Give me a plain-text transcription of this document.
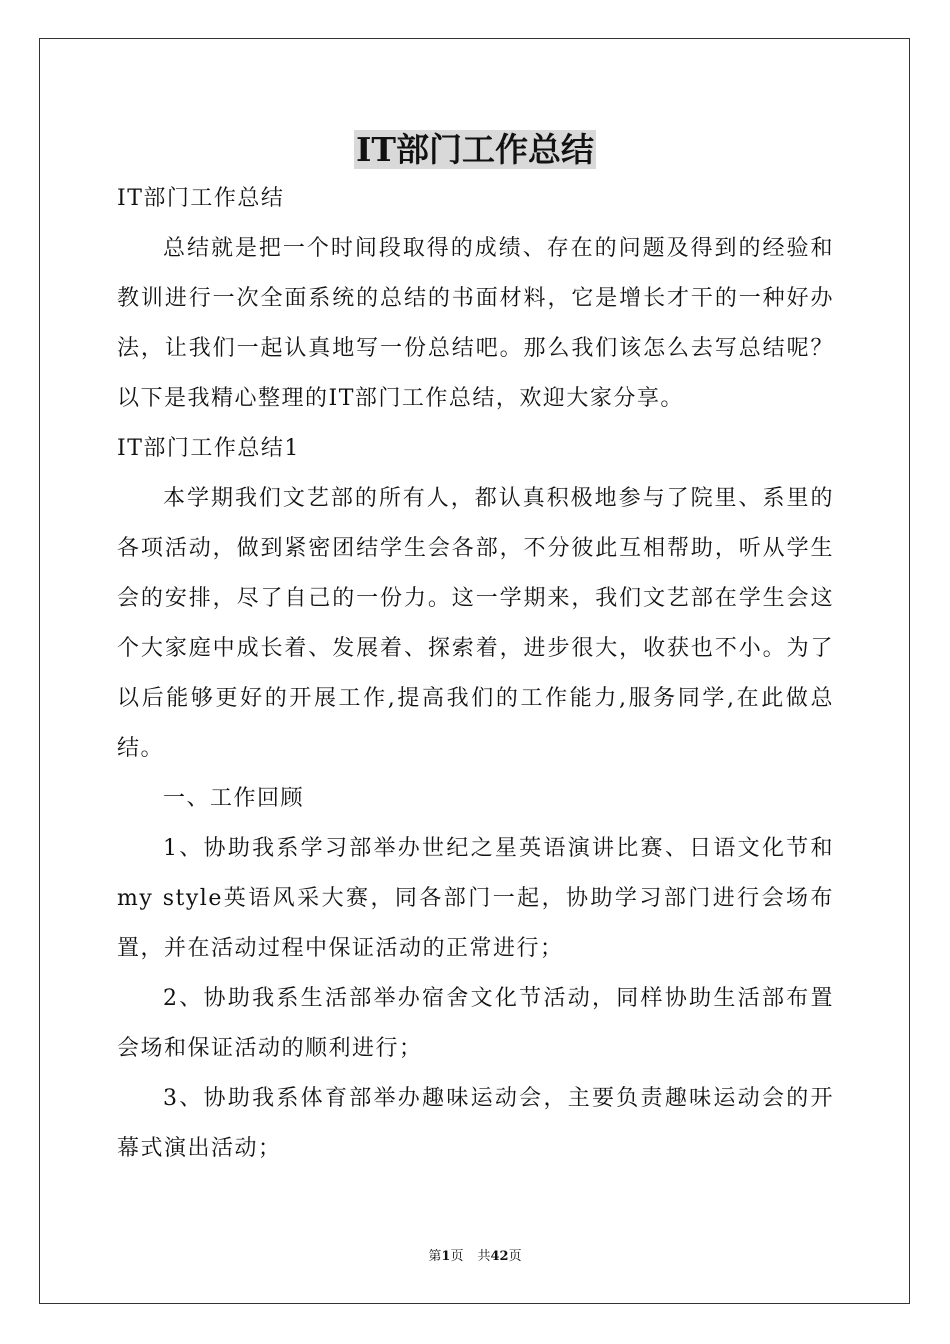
IT部门工作总结

IT部门工作总结

总结就是把一个时间段取得的成绩、存在的问题及得到的经验和教训进行一次全面系统的总结的书面材料，它是增长才干的一种好办法，让我们一起认真地写一份总结吧。那么我们该怎么去写总结呢？以下是我精心整理的IT部门工作总结，欢迎大家分享。

IT部门工作总结1

本学期我们文艺部的所有人，都认真积极地参与了院里、系里的各项活动，做到紧密团结学生会各部，不分彼此互相帮助，听从学生会的安排，尽了自己的一份力。这一学期来，我们文艺部在学生会这个大家庭中成长着、发展着、探索着，进步很大，收获也不小。为了以后能够更好的开展工作,提高我们的工作能力,服务同学,在此做总结。

一、工作回顾

1、协助我系学习部举办世纪之星英语演讲比赛、日语文化节和my style英语风采大赛，同各部门一起，协助学习部门进行会场布置，并在活动过程中保证活动的正常进行；

2、协助我系生活部举办宿舍文化节活动，同样协助生活部布置会场和保证活动的顺利进行；

3、协助我系体育部举办趣味运动会，主要负责趣味运动会的开幕式演出活动；

第1页 共42页
